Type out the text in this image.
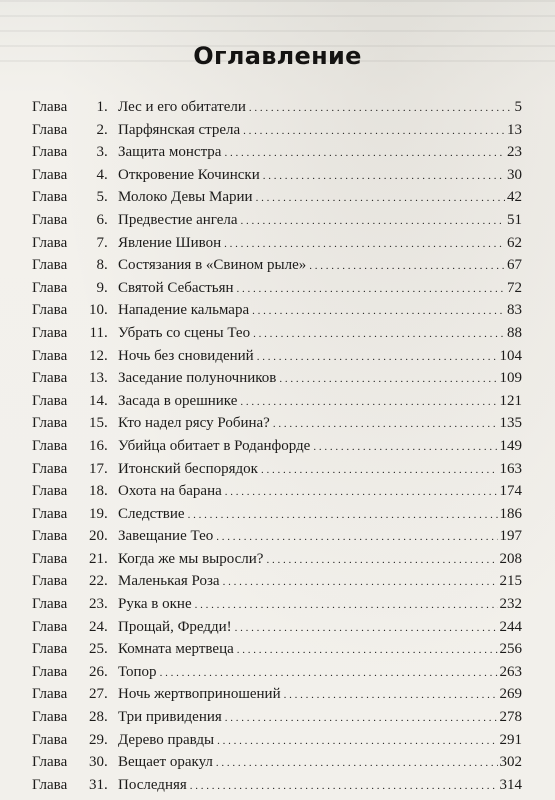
Оглавление
Глава	1 . Лес и его обитатели . . .	5
Глава	2 . Парфянская стрела . . .	13
Глава	3 . Защита монстра . . .	23
Глава	4 . Откровение Кочински . . .	30
Глава	5 . Молоко Девы Марии . . .	42
Глава	6 . Предвестие ангела . . .	51
Глава	7 . Явление Шивон . . .	62
Глава	8 . Состязания в «Свином рыле» . . .	67
Глава	9 . Святой Себастьян . . .	72
Глава	10 . Нападение кальмара . . .	83
Глава	11 . Убрать со сцены Тео . . .	88
Глава	12 . Ночь без сновидений . . .	104
Глава	13 . Заседание полуночников . . .	109
Глава	14 . Засада в орешнике . . .	121
Глава	15 . Кто надел рясу Робина? . . .	135
Глава	16 . Убийца обитает в Роданфорде . . .	149
Глава	17 . Итонский беспорядок . . .	163
Глава	18 . Охота на барана . . .	174
Глава	19 . Следствие . . .	186
Глава	20 . Завещание Тео . . .	197
Глава	21 . Когда же мы выросли? . . .	208
Глава	22 . Маленькая Роза . . .	215
Глава	23 . Рука в окне . . .	232
Глава	24 . Прощай, Фредди! . . .	244
Глава	25 . Комната мертвеца . . .	256
Глава	26 . Топор . . .	263
Глава	27 . Ночь жертвоприношений . . .	269
Глава	28 . Три привидения . . .	278
Глава	29 . Дерево правды . . .	291
Глава	30 . Вещает оракул . . .	302
Глава	31 . Последняя . . .	314
